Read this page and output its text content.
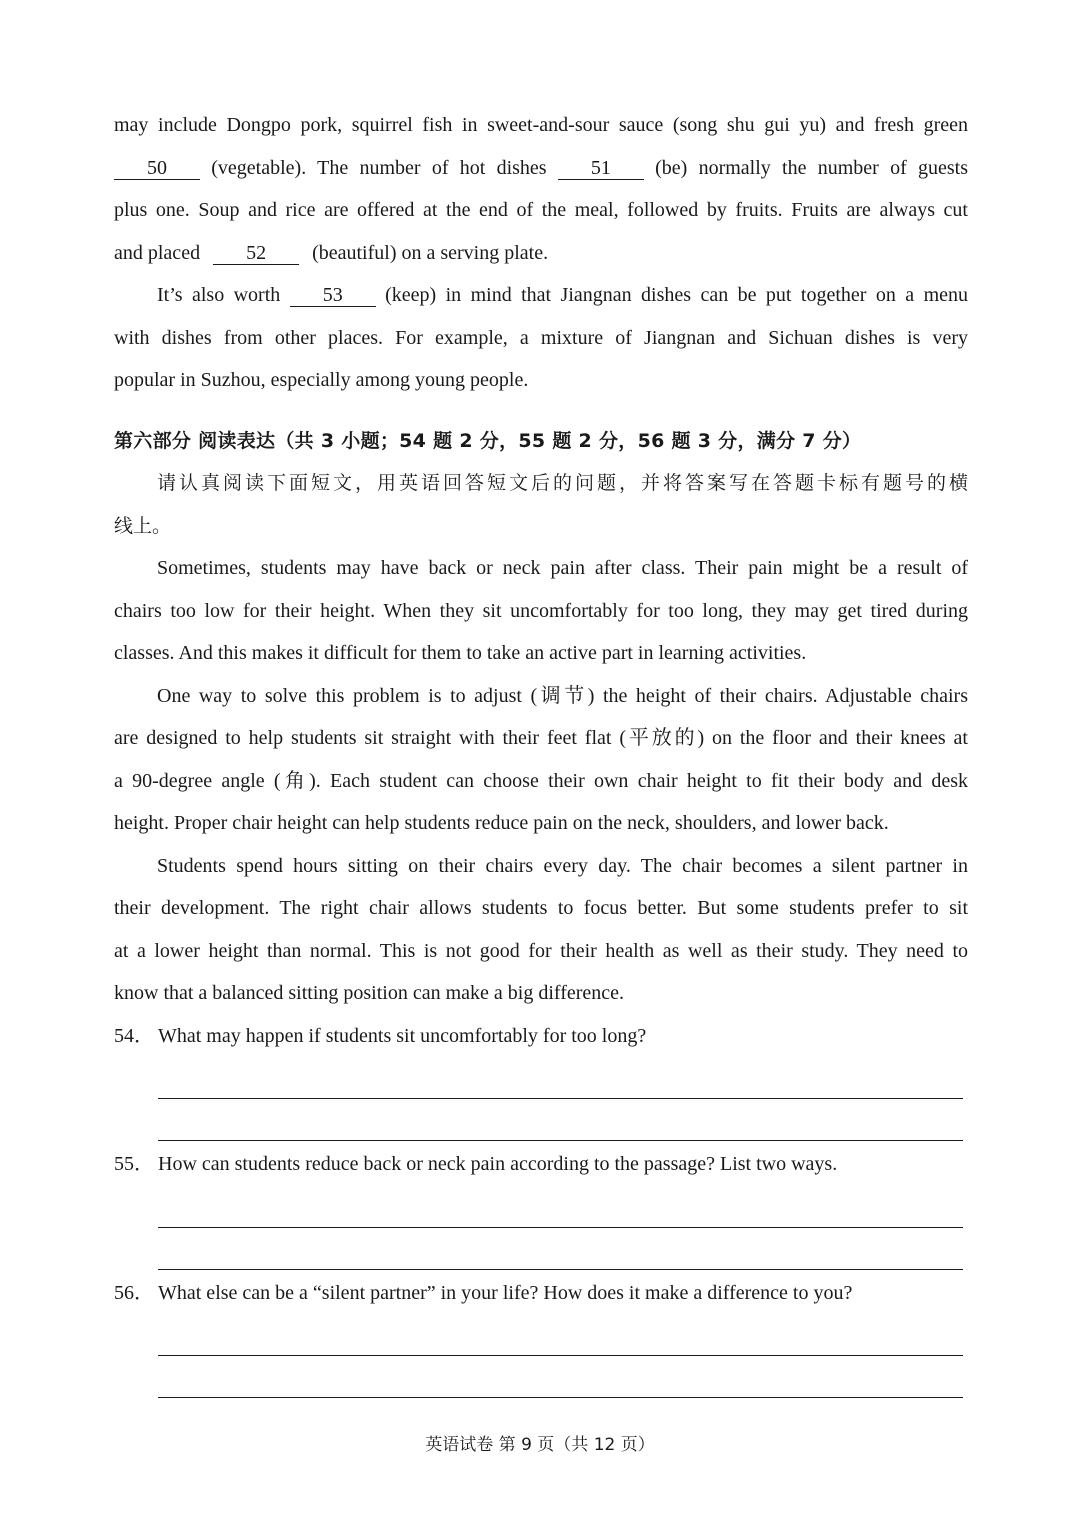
may include Dongpo pork, squirrel fish in sweet-and-sour sauce (song shu gui yu) and fresh green
50 (vegetable). The number of hot dishes 51 (be) normally the number of guests
plus one. Soup and rice are offered at the end of the meal, followed by fruits. Fruits are always cut
and placed 52 (beautiful) on a serving plate.
It’s also worth 53 (keep) in mind that Jiangnan dishes can be put together on a menu
with dishes from other places. For example, a mixture of Jiangnan and Sichuan dishes is very
popular in Suzhou, especially among young people.
第六部分 阅读表达（共 3 小题；54 题 2 分，55 题 2 分，56 题 3 分，满分 7 分）
请认真阅读下面短文，用英语回答短文后的问题，并将答案写在答题卡标有题号的横
线上。
Sometimes, students may have back or neck pain after class. Their pain might be a result of
chairs too low for their height. When they sit uncomfortably for too long, they may get tired during
classes. And this makes it difficult for them to take an active part in learning activities.
One way to solve this problem is to adjust (调节) the height of their chairs. Adjustable chairs
are designed to help students sit straight with their feet flat (平放的) on the floor and their knees at
a 90-degree angle (角). Each student can choose their own chair height to fit their body and desk
height. Proper chair height can help students reduce pain on the neck, shoulders, and lower back.
Students spend hours sitting on their chairs every day. The chair becomes a silent partner in
their development. The right chair allows students to focus better. But some students prefer to sit
at a lower height than normal. This is not good for their health as well as their study. They need to
know that a balanced sitting position can make a big difference.
54． What may happen if students sit uncomfortably for too long?
55． How can students reduce back or neck pain according to the passage? List two ways.
56． What else can be a “silent partner” in your life? How does it make a difference to you?
英语试卷 第 9 页（共 12 页）
